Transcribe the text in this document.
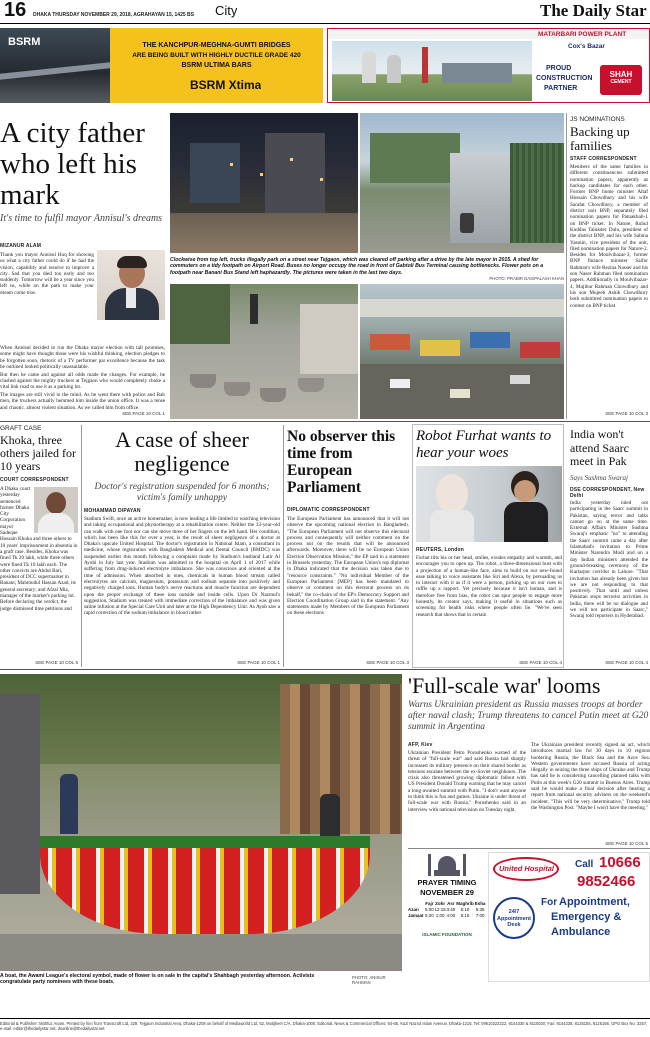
16 DHAKA THURSDAY NOVEMBER 29, 2018, AGRAHAYAN 15, 1425 BS City	The Daily Star
BSRM	THE KANCHPUR-MEGHNA-GUMTI BRIDGES
ARE BEING BUILT WITH HIGHLY DUCTILE GRADE 420
BSRM ULTIMA BARS
BSRM Xtima
MATARBARI POWER PLANT
Cox's Bazar
PROUD
CONSTRUCTION
PARTNER
SHAH
CEMENT
A city father who left his mark
It's time to fulfil mayor Annisul's dreams
MIZANUR ALAM

Thank you mayor Annisul Huq for showing us what a city father could do if he had the vision, capability and resolve to improve a city. Sad that you died too early and too suddenly. Tomorrow will be a year since you left us, while on the path to make your dream come true.

When Annisul decided to run the Dhaka mayor election with tall promises, some might have thought those were his wishful thinking, election pledges to be forgotten soon, rhetoric of a TV performer par excellence because the task he outlined looked politically unassailable.

But then he came and against all odds made the changes. For example, he clashed against the mighty truckers at Tejgaon who would completely choke a vital link road to use it as a parking lot.

The images are still vivid in the mind. As he went there with police and Rab men, the truckers actually hemmed him inside the union office. It was a tense and chaotic, almost violent situation. As we called him from office,

SEE PAGE 10 COL 1
Clockwise from top left, trucks illegally park on a street near Tejgaon, which was cleared off parking after a drive by the late mayor in 2015. A shed for commuters on a tidy footpath on Airport Road. Buses no longer occupy the road in front of Gabtoli Bus Terminal causing bottlenecks. Flower pots on a footpath near Banani Bus Stand left haphazardly. The pictures were taken in the last two days.
PHOTO: PRABIR DAS/PALASH KHAN
JS NOMINATIONS
Backing up families
STAFF CORRESPONDENT
Members of the same families in different constituencies submitted nomination papers, apparently as backup candidates for each other. Former BNP home minister Altaf Hossain Chowdhury and his wife Sarafat Chowdhury, a member of district unit BNP, separately filed nomination papers for Patuakhali-1 on BNP ticket. In Natore, Ruhul Kuddus Talukder Dulu, president of the district BNP, and his wife Sabina Yasmin, vice president of the unit, filed nomination papers for Natore-2. Besides for Moulvibazar-3, former BNP finance minister Saifur Rahman's wife Rezina Nasser and his son Naser Rahman filed nomination papers. Additionally in Moulvibazar-4, Mujibur Rahman Chowdhury and his son Mujeeb Ashik Chowdhury both submitted nomination papers to contest on BNP ticket.
SEE PAGE 10 COL 3
GRAFT CASE
Khoka, three others jailed for 10 years
COURT CORRESPONDENT
A Dhaka court yesterday sentenced former Dhaka City Corporation mayor Sadeque Hossain Khoka and three others to 10 years' imprisonment in absentia in a graft case. Besides, Khoka was fined Tk 20 lakh, while three others were fined Tk 10 lakh each. The other convicts are Abdul Bari, president of DCC supermarket in Banani; Mahmudul Hassan Azad, its general secretary; and Afzal Mia, manager of the market's parking lot. Before declaring the verdict, the judge dismissed time petitions and
SEE PAGE 10 COL 5
A case of sheer negligence
Doctor's registration suspended for 6 months; victim's family unhappy
MOHAMMAD DIPAYAN
Stadium Swift, once an active homemaker, is now leading a life limited to watching television and taking occupational and physiotherapy at a rehabilitation centre. Neither the 33-year-old can walk with one foot nor can she move three of her fingers on the left hand. Her condition, which has been like this for over a year, is the result of sheer negligence of a doctor at Dhaka's upscale United Hospital. The doctor's registration in National Islam, a consultant in medicine, whose registration with Bangladesh Medical and Dental Council (BMDC) was suspended earlier this month following a complaint made by Stadium's husband Latir Al Ayubi in July last year. Stadium was admitted to the hospital on April 1 of 2017 while suffering from drug-induced electrolyte imbalance. She was conscious and oriented at the time of admission. When absorbed in ones, chemicals in human blood stream called electrolytes are calcium, magnesium, potassium and sodium separate into positively and negatively charged ions. Human body's nerve reactions and muscle function are dependent upon the proper exchange of these ions outside and inside cells. Upon Dr Nazmul's suggestion, Stadium was treated with immediate correction of the imbalance and was given saline infusion at the Special Care Unit and later at the High Dependency Unit. As Ayub saw a rapid correction of the sodium imbalance in blood rather
SEE PAGE 10 COL 1
No observer this time from European Parliament
DIPLOMATIC CORRESPONDENT
The European Parliament has announced that it will not observe the upcoming national election in Bangladesh. "The European Parliament will not observe this electoral process and consequently will neither comment on the process nor on the results that will be announced afterwards. Moreover, there will be no European Union Election Observation Mission," the EP said in a statement in Brussels yesterday. The European Union's top diplomat in Dhaka indicated that the decision was taken due to "resource constraints." "No individual Member of the European Parliament [MEP] has been mandated to observe or comment on this electoral process on its behalf," the co-chairs of the EP's Democracy Support and Election Coordination Group said in the statement. "Any statements made by Members of the European Parliament on these elections
SEE PAGE 10 COL 3
Robot Furhat wants to hear your woes
REUTERS, London
Furhat tilts his or her head, smiles, exudes empathy and warmth, and encourages you to open up. The robot, a three-dimensional bust with a projection of a human-like face, aims to build on our new-found ease talking to voice assistants like Siri and Alexa, by persuading us to interact with it as if it were a person, picking up on our cues to ruffle up a rapport. Yet precisely because it isn't human, and is therefore free from bias, the robot can spur people to engage more honestly, its creator says, making it useful in situations such as screening for health risks where people often lie. "We've seen research that shows that in certain
SEE PAGE 10 COL 4
India won't attend Saarc meet in Pak
Says Sushma Swaraj
DSE CORRESPONDENT, New Delhi
India yesterday ruled out participating in the Saarc summit in Pakistan, saying terror and talks cannot go on at the same time. External Affairs Minister Sushma Swaraj's emphatic "no" to attending the Saarc summit came a day after Islamabad's invitation to Prime Minister Narendra Modi and on a day Indian ministers attended the ground-breaking ceremony of the Kartarpur corridor in Lahore. "That invitation has already been given but we are not responding to that positively. That until and unless Pakistan stops terrorist activities in India, there will be no dialogue and we will not participate in Saarc," Swaraj told reporters in Hyderabad.
SEE PAGE 10 COL 4
A boat, the Awami League's electoral symbol, made of flower is on sale in the capital's Shahbagh yesterday afternoon. Activists congratulate party nominees with these boats.
PHOTO: ANISUR RAHMAN
'Full-scale war' looms
Warns Ukrainian president as Russia masses troops at border after naval clash; Trump threatens to cancel Putin meet at G20 summit in Argentina
AFP, Kiev
Ukrainian President Petro Poroshenko warned of the threat of "full-scale war" and said Russia had sharply increased its military presence on their shared border as tensions escalate between the ex-Soviet neighbours. The crisis also threatened growing diplomatic fallout with US President Donald Trump warning that he may cancel a long-awaited summit with Putin. "I don't want anyone to think this is fun and games. Ukraine is under threat of full-scale war with Russia," Poroshenko said in an interview with national television on Tuesday night.
The Ukrainian president recently signed an act, which introduces martial law for 30 days in 10 regions bordering Russia, the Black Sea and the Azov Sea. Western governments have accused Russia of acting illegally in seizing the three ships of Ukraine and Trump has said he is considering cancelling planned talks with Putin at this week's G20 summit in Buenos Aires. Trump said he would make a final decision after hearing a report from national security advisers on the weekend's incident. "This will be very determinative," Trump told the Washington Post. "Maybe I won't have the meeting."
SEE PAGE 10 COL 5
PRAYER TIMING
NOVEMBER 29
	Fajr	Zohr	Asr	Maghrib	Esha
Azan	5:00	12:15	3:40	5:10	6:35
Jamaat	5:20	1:00	4:00	5:15	7:00
ISLAMIC FOUNDATION
United Hospital Call 10666
9852466
24/7 Appointment Desk
For Appointment,
Emergency &
Ambulance
Editorial & Publisher: Mahfuz Anam. Printed by him from Transcraft Ltd, 229, Tejgaon Industrial Area, Dhaka-1208 on behalf of Mediaworld Ltd, 52, Motijheel C/A, Dhaka-1000. Editorial, News & Commercial Offices: 64-65, Kazi Nazrul Islam Avenue, Dhaka-1215. Tel: 09610222222, 9144330 & 8110020; Fax: 9144335, 8125155, 8125156; GPO Box No. 3257, e-mail: editor@thedailystar.net; dsonline@thedailystar.net
